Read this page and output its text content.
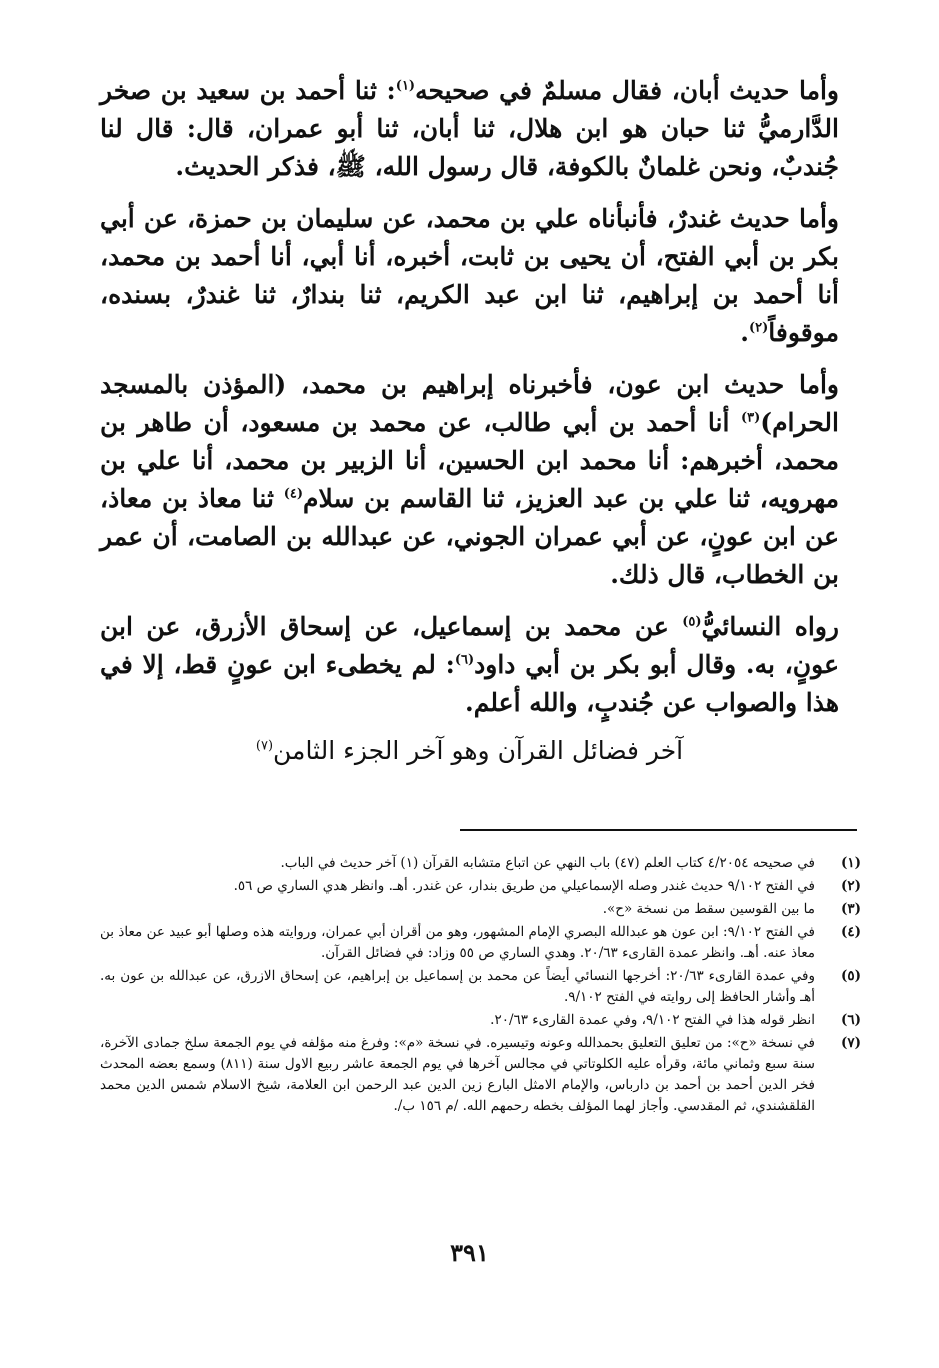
وأما حديث أبان، فقال مسلمٌ في صحيحه$^{(١)}$: ثنا أحمد بن سعيد بن صخر الدَّارميُّ ثنا حبان هو ابن هلال، ثنا أبان، ثنا أبو عمران، قال: قال لنا جُندبٌ، ونحن غلمانٌ بالكوفة، قال رسول الله، ﷺ، فذكر الحديث.

وأما حديث غندرٌ، فأنبأناه علي بن محمد، عن سليمان بن حمزة، عن أبي بكر بن أبي الفتح، أن يحيى بن ثابت، أخبره، أنا أبي، أنا أحمد بن محمد، أنا أحمد بن إبراهيم، ثنا ابن عبد الكريم، ثنا بندارٌ، ثنا غندرٌ، بسنده، موقوفاً$^{(٢)}$.

وأما حديث ابن عون، فأخبرناه إبراهيم بن محمد، (المؤذن بالمسجد الحرام)$^{(٣)}$ أنا أحمد بن أبي طالب، عن محمد بن مسعود، أن طاهر بن محمد، أخبرهم: أنا محمد ابن الحسين، أنا الزبير بن محمد، أنا علي بن مهرويه، ثنا علي بن عبد العزيز، ثنا القاسم بن سلام$^{(٤)}$ ثنا معاذ بن معاذ، عن ابن عونٍ، عن أبي عمران الجوني، عن عبدالله بن الصامت، أن عمر بن الخطاب، قال ذلك.

رواه النسائيُّ$^{(٥)}$ عن محمد بن إسماعيل، عن إسحاق الأزرق، عن ابن عونٍ، به. وقال أبو بكر بن أبي داود$^{(٦)}$: لم يخطىء ابن عونٍ قط، إلا في هذا والصواب عن جُندبٍ، والله أعلم.

آخر فضائل القرآن وهو آخر الجزء الثامن$^{(٧)}$
(١)
في صحيحه ٤/٢٠٥٤ كتاب العلم (٤٧) باب النهي عن اتباع متشابه القرآن (١) آخر حديث في الباب.
(٢)
في الفتح ٩/١٠٢ حديث غندر وصله الإسماعيلي من طريق بندار، عن غندر. أهـ. وانظر هدي الساري ص ٥٦.
(٣)
ما بين القوسين سقط من نسخة «ح».
(٤)
في الفتح ٩/١٠٢: ابن عون هو عبدالله البصري الإمام المشهور، وهو من أقران أبي عمران، وروايته هذه وصلها أبو عبيد عن معاذ بن معاذ عنه. أهـ. وانظر عمدة القارىء ٢٠/٦٣. وهدي الساري ص ٥٥ وزاد: في فضائل القرآن.
(٥)
وفي عمدة القارىء ٢٠/٦٣: أخرجها النسائي أيضاً عن محمد بن إسماعيل بن إبراهيم، عن إسحاق الازرق، عن عبدالله بن عون به. أهـ وأشار الحافظ إلى روايته في الفتح ٩/١٠٢.
(٦)
انظر قوله هذا في الفتح ٩/١٠٢، وفي عمدة القارىء ٢٠/٦٣.
(٧)
في نسخة «ح»: من تعليق التعليق بحمدالله وعونه وتيسيره. في نسخة «م»: وفرغ منه مؤلفه في يوم الجمعة سلخ جمادى الآخرة، سنة سبع وثماني مائة، وقرأه عليه الكلوتاتي في مجالس آخرها في يوم الجمعة عاشر ربيع الاول سنة (٨١١) وسمع بعضه المحدث فخر الدين أحمد بن أحمد بن دارباس، والإمام الامثل البارع زين الدين عبد الرحمن ابن العلامة، شيخ الاسلام شمس الدين محمد القلقشندي، ثم المقدسي. وأجاز لهما المؤلف بخطه رحمهم الله. /م ١٥٦ ب/.
٣٩١
